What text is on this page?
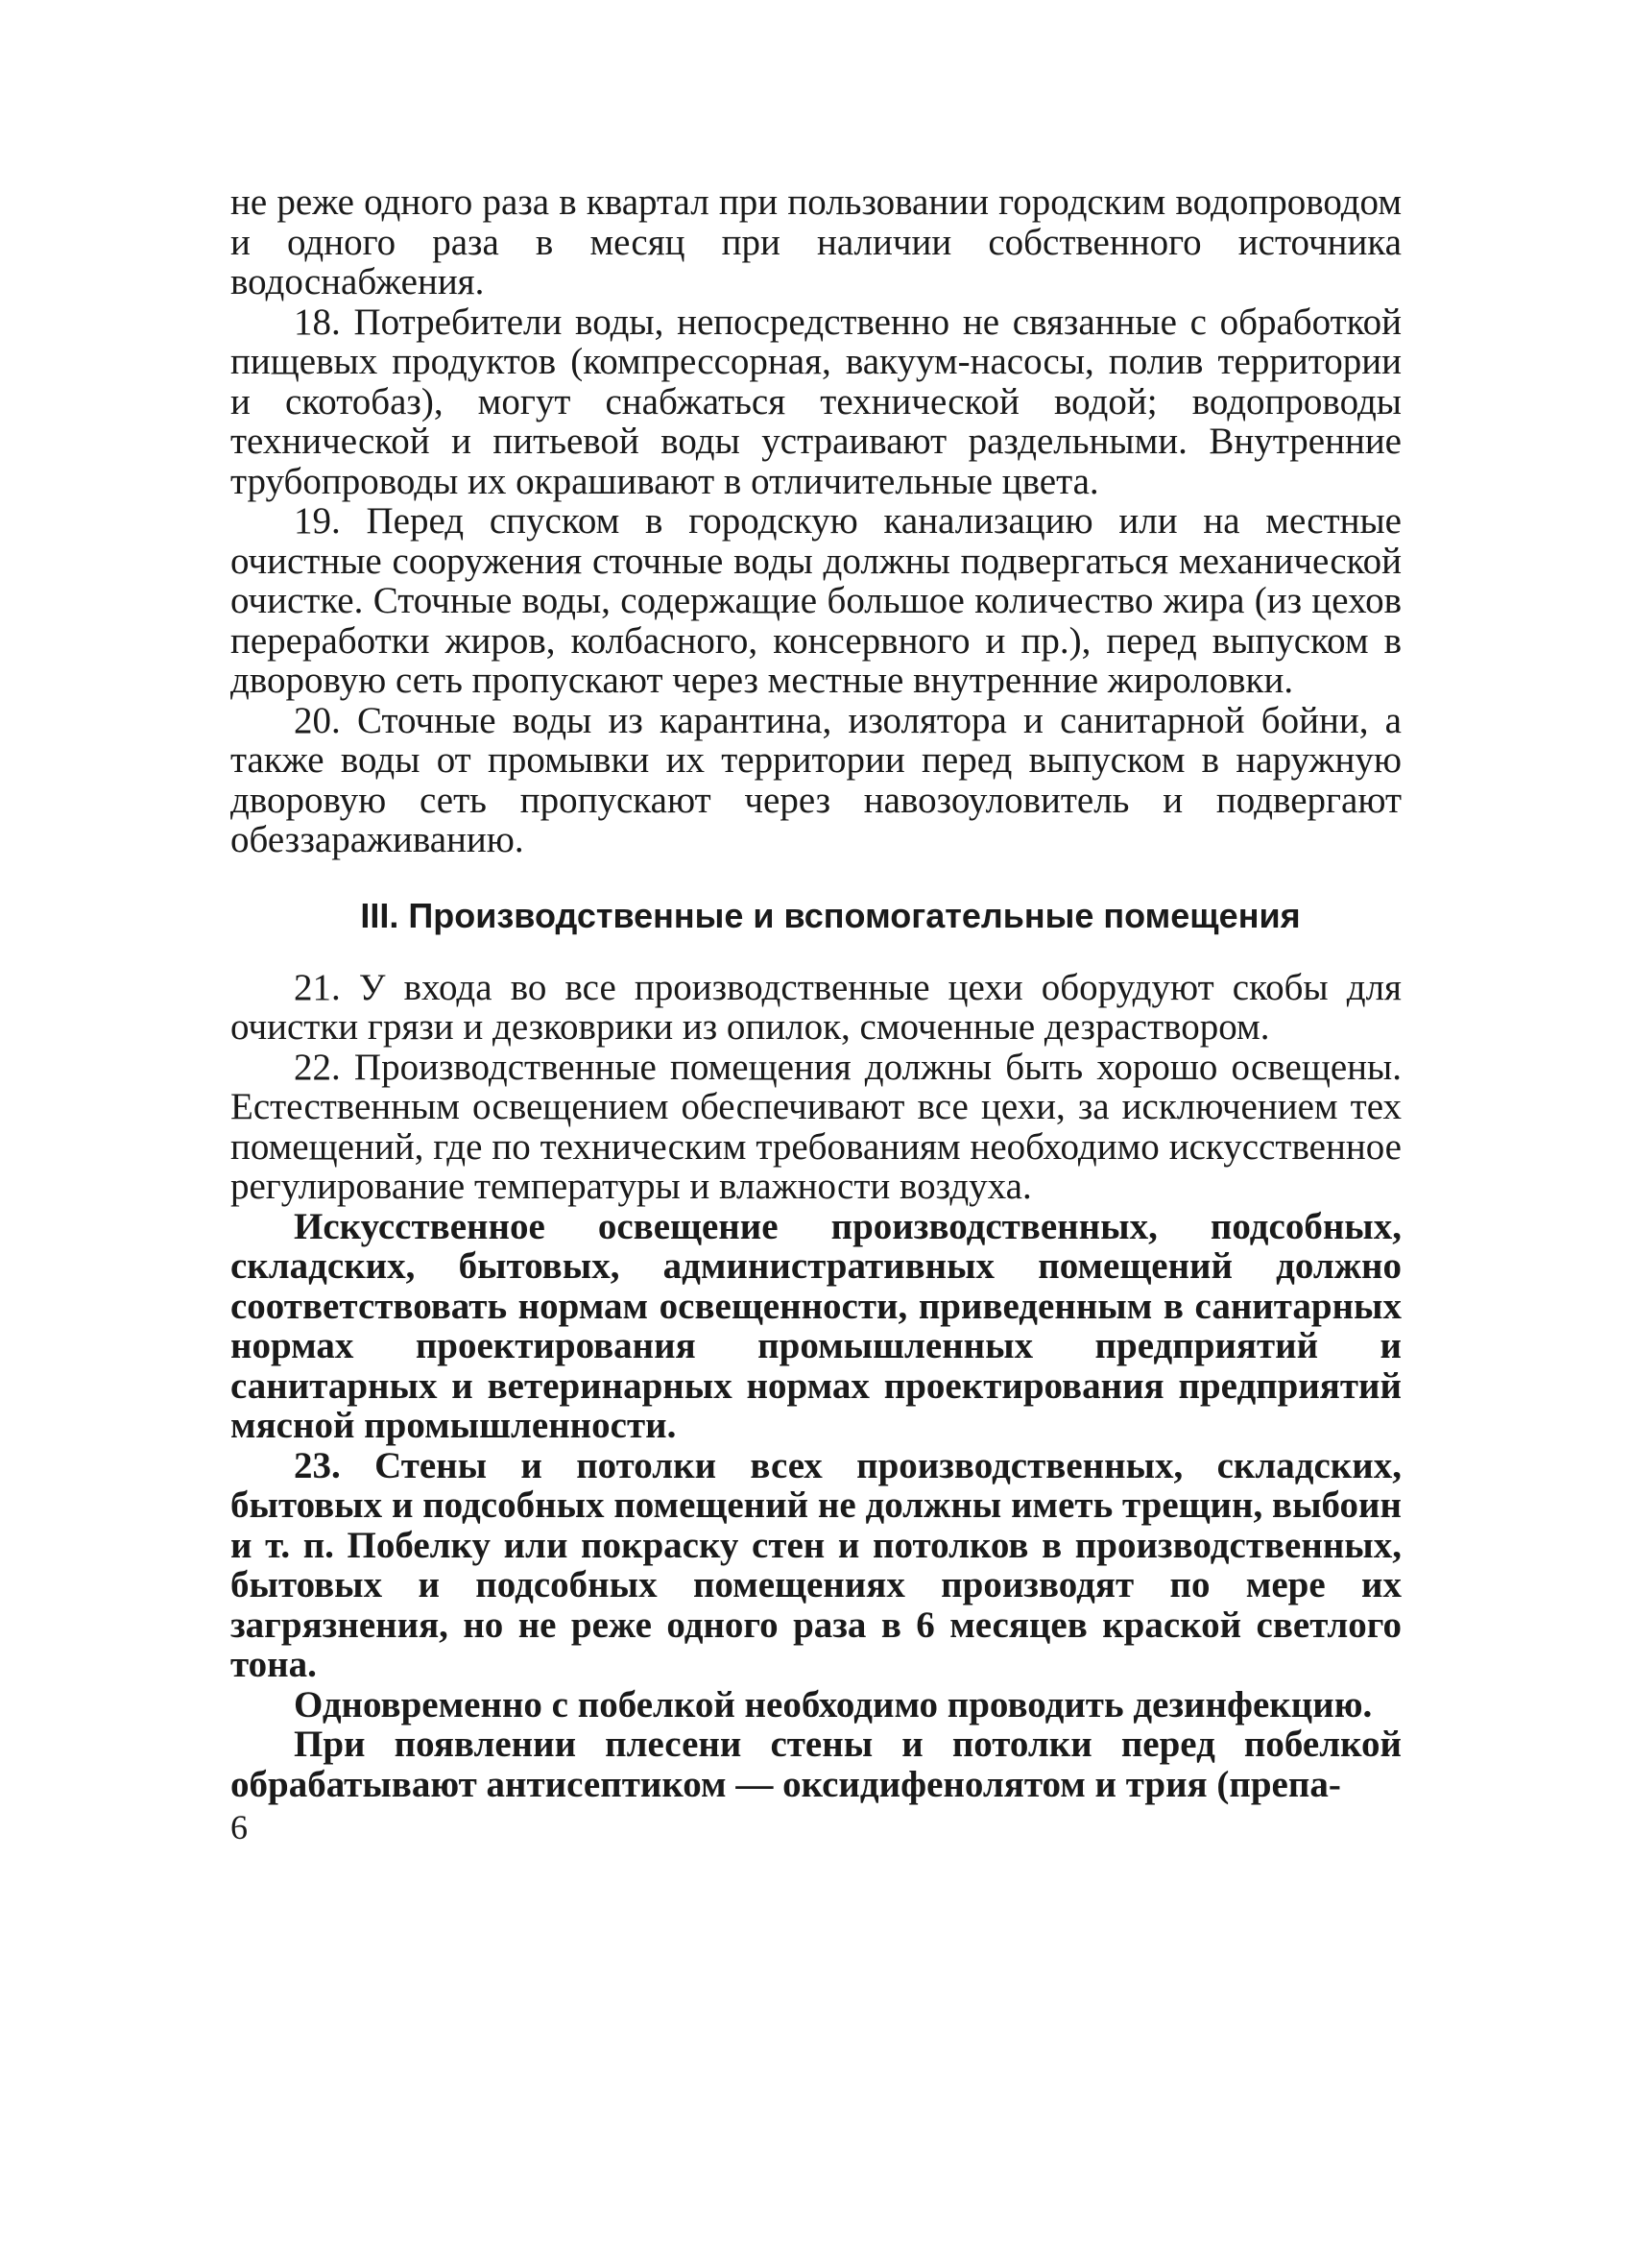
не реже одного раза в квартал при пользовании городским водопроводом и одного раза в месяц при наличии собственного источника водоснабжения.

18. Потребители воды, непосредственно не связанные с обработкой пищевых продуктов (компрессорная, вакуум-насосы, полив территории и скотобаз), могут снабжаться технической водой; водопроводы технической и питьевой воды устраивают раздельными. Внутренние трубопроводы их окрашивают в отличительные цвета.

19. Перед спуском в городскую канализацию или на местные очистные сооружения сточные воды должны подвергаться механической очистке. Сточные воды, содержащие большое количество жира (из цехов переработки жиров, колбасного, консервного и пр.), перед выпуском в дворовую сеть пропускают через местные внутренние жироловки.

20. Сточные воды из карантина, изолятора и санитарной бойни, а также воды от промывки их территории перед выпуском в наружную дворовую сеть пропускают через навозоуловитель и подвергают обеззараживанию.

III. Производственные и вспомогательные помещения

21. У входа во все производственные цехи оборудуют скобы для очистки грязи и дезковрики из опилок, смоченные дезраствором.

22. Производственные помещения должны быть хорошо освещены. Естественным освещением обеспечивают все цехи, за исключением тех помещений, где по техническим требованиям необходимо искусственное регулирование температуры и влажности воздуха.

Искусственное освещение производственных, подсобных, складских, бытовых, административных помещений должно соответствовать нормам освещенности, приведенным в санитарных нормах проектирования промышленных предприятий и санитарных и ветеринарных нормах проектирования предприятий мясной промышленности.

23. Стены и потолки всех производственных, складских, бытовых и подсобных помещений не должны иметь трещин, выбоин и т. п. Побелку или покраску стен и потолков в производственных, бытовых и подсобных помещениях производят по мере их загрязнения, но не реже одного раза в 6 месяцев краской светлого тона.

Одновременно с побелкой необходимо проводить дезинфекцию.

При появлении плесени стены и потолки перед побелкой обрабатывают антисептиком — оксидифенолятом и трия (препа-

6
